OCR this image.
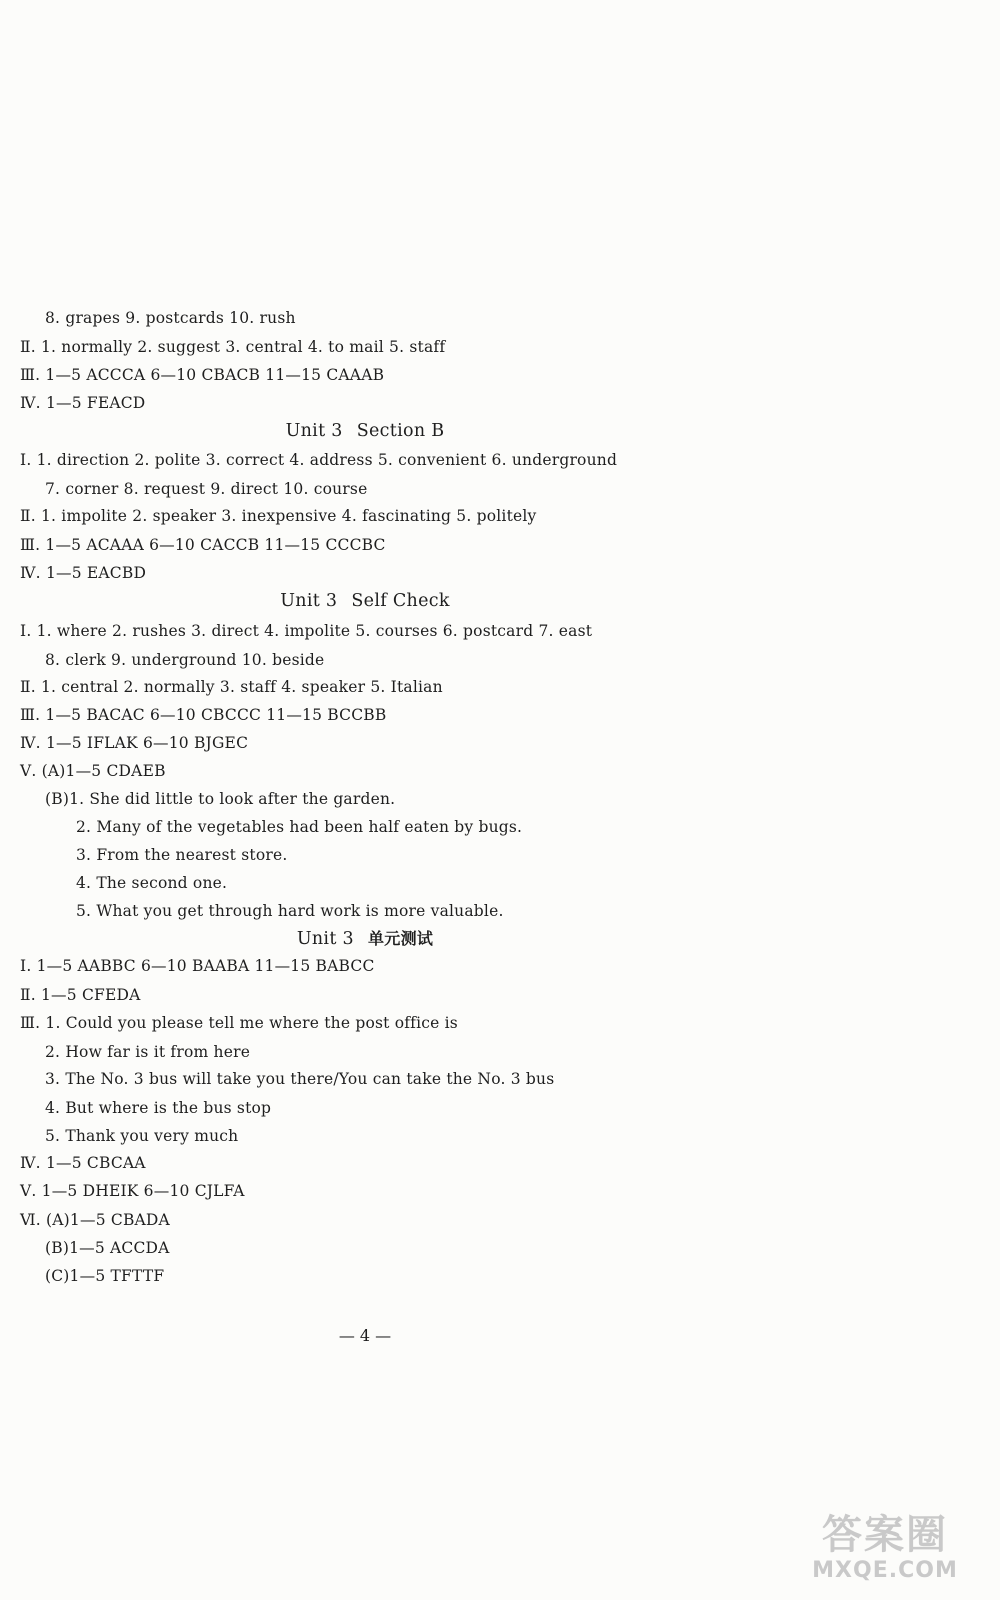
8. grapes 9. postcards 10. rush
Ⅱ. 1. normally 2. suggest 3. central 4. to mail 5. staff
Ⅲ. 1—5 ACCCA 6—10 CBACB 11—15 CAAAB
Ⅳ. 1—5 FEACD
Unit 3 Section B
Ⅰ. 1. direction 2. polite 3. correct 4. address 5. convenient 6. underground
7. corner 8. request 9. direct 10. course
Ⅱ. 1. impolite 2. speaker 3. inexpensive 4. fascinating 5. politely
Ⅲ. 1—5 ACAAA 6—10 CACCB 11—15 CCCBC
Ⅳ. 1—5 EACBD
Unit 3 Self Check
Ⅰ. 1. where 2. rushes 3. direct 4. impolite 5. courses 6. postcard 7. east
8. clerk 9. underground 10. beside
Ⅱ. 1. central 2. normally 3. staff 4. speaker 5. Italian
Ⅲ. 1—5 BACAC 6—10 CBCCC 11—15 BCCBB
Ⅳ. 1—5 IFLAK 6—10 BJGEC
Ⅴ. (A)1—5 CDAEB
(B)1. She did little to look after the garden.
2. Many of the vegetables had been half eaten by bugs.
3. From the nearest store.
4. The second one.
5. What you get through hard work is more valuable.
Unit 3 单元测试
Ⅰ. 1—5 AABBC 6—10 BAABA 11—15 BABCC
Ⅱ. 1—5 CFEDA
Ⅲ. 1. Could you please tell me where the post office is
2. How far is it from here
3. The No. 3 bus will take you there/You can take the No. 3 bus
4. But where is the bus stop
5. Thank you very much
Ⅳ. 1—5 CBCAA
Ⅴ. 1—5 DHEIK 6—10 CJLFA
Ⅵ. (A)1—5 CBADA
(B)1—5 ACCDA
(C)1—5 TFTTF
— 4 —
答案圈
MXQE.COM
